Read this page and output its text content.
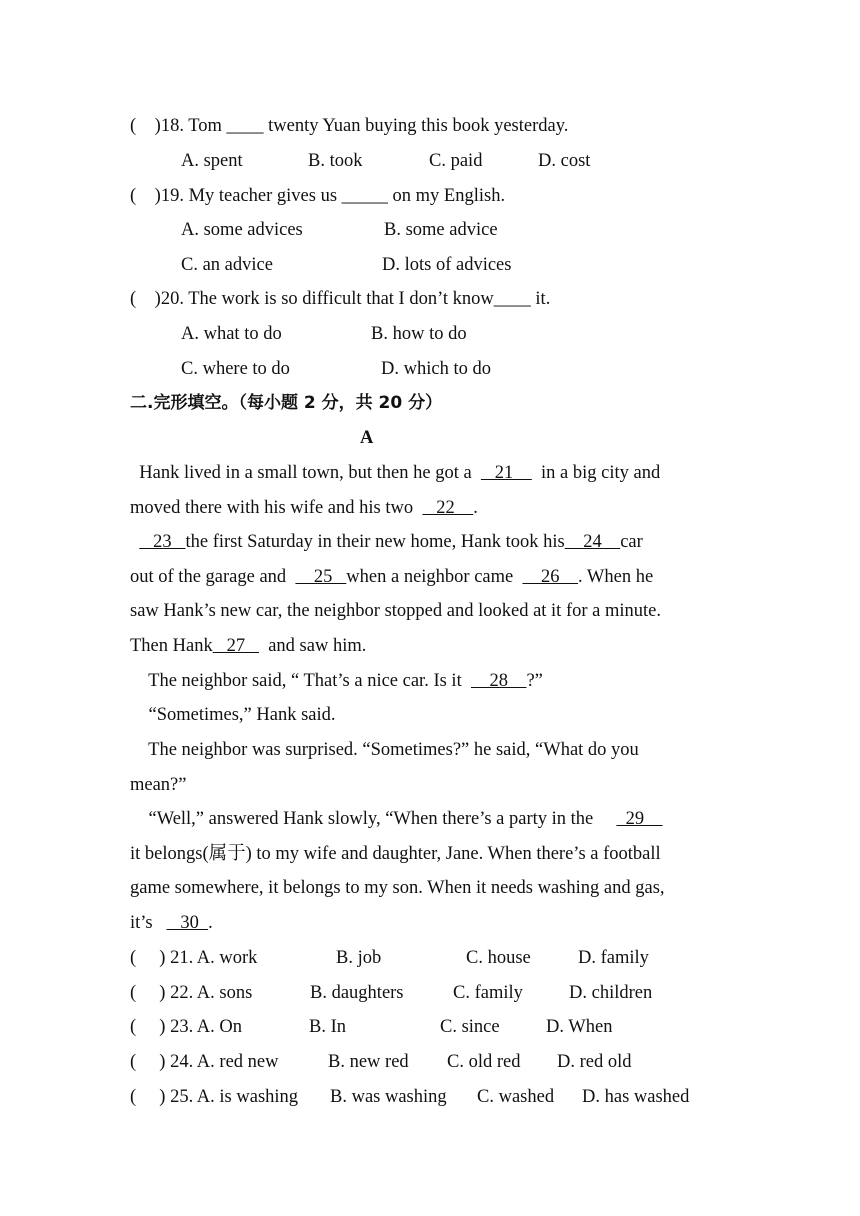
(    )18. Tom ____ twenty Yuan buying this book yesterday.
A. spent	B. took	C. paid	D. cost
(    )19. My teacher gives us _____ on my English.
A. some advices	B. some advice
C. an advice	D. lots of advices
(    )20. The work is so difficult that I don’t know____ it.
A. what to do	B. how to do
C. where to do	D. which to do
二.完形填空。（每小题 2 分，共 20 分）
A
Hank lived in a small town, but then he got a     21      in a big city and
moved there with his wife and his two     22    .
23   the first Saturday in their new home, Hank took his    24    car
out of the garage and      25   when a neighbor came      26    . When he
saw Hank’s new car, the neighbor stopped and looked at it for a minute.
Then Hank   27     and saw him.
The neighbor said, “ That’s a nice car. Is it      28    ?”
“Sometimes,” Hank said.
The neighbor was surprised. “Sometimes?” he said, “What do you
mean?”
“Well,” answered Hank slowly, “When there’s a party in the       29
it belongs(属于) to my wife and daughter, Jane. When there’s a football
game somewhere, it belongs to my son. When it needs washing and gas,
it’s      30  .
(     ) 21. A. work	B. job	C. house	D. family
(     ) 22. A. sons	B. daughters	C. family D. children
(     ) 23. A. On	B. In	C. since	D. When
(     ) 24. A. red new	B. new red C. old red D. red old
(     ) 25. A. is washing B. was washing C. washed D. has washed
